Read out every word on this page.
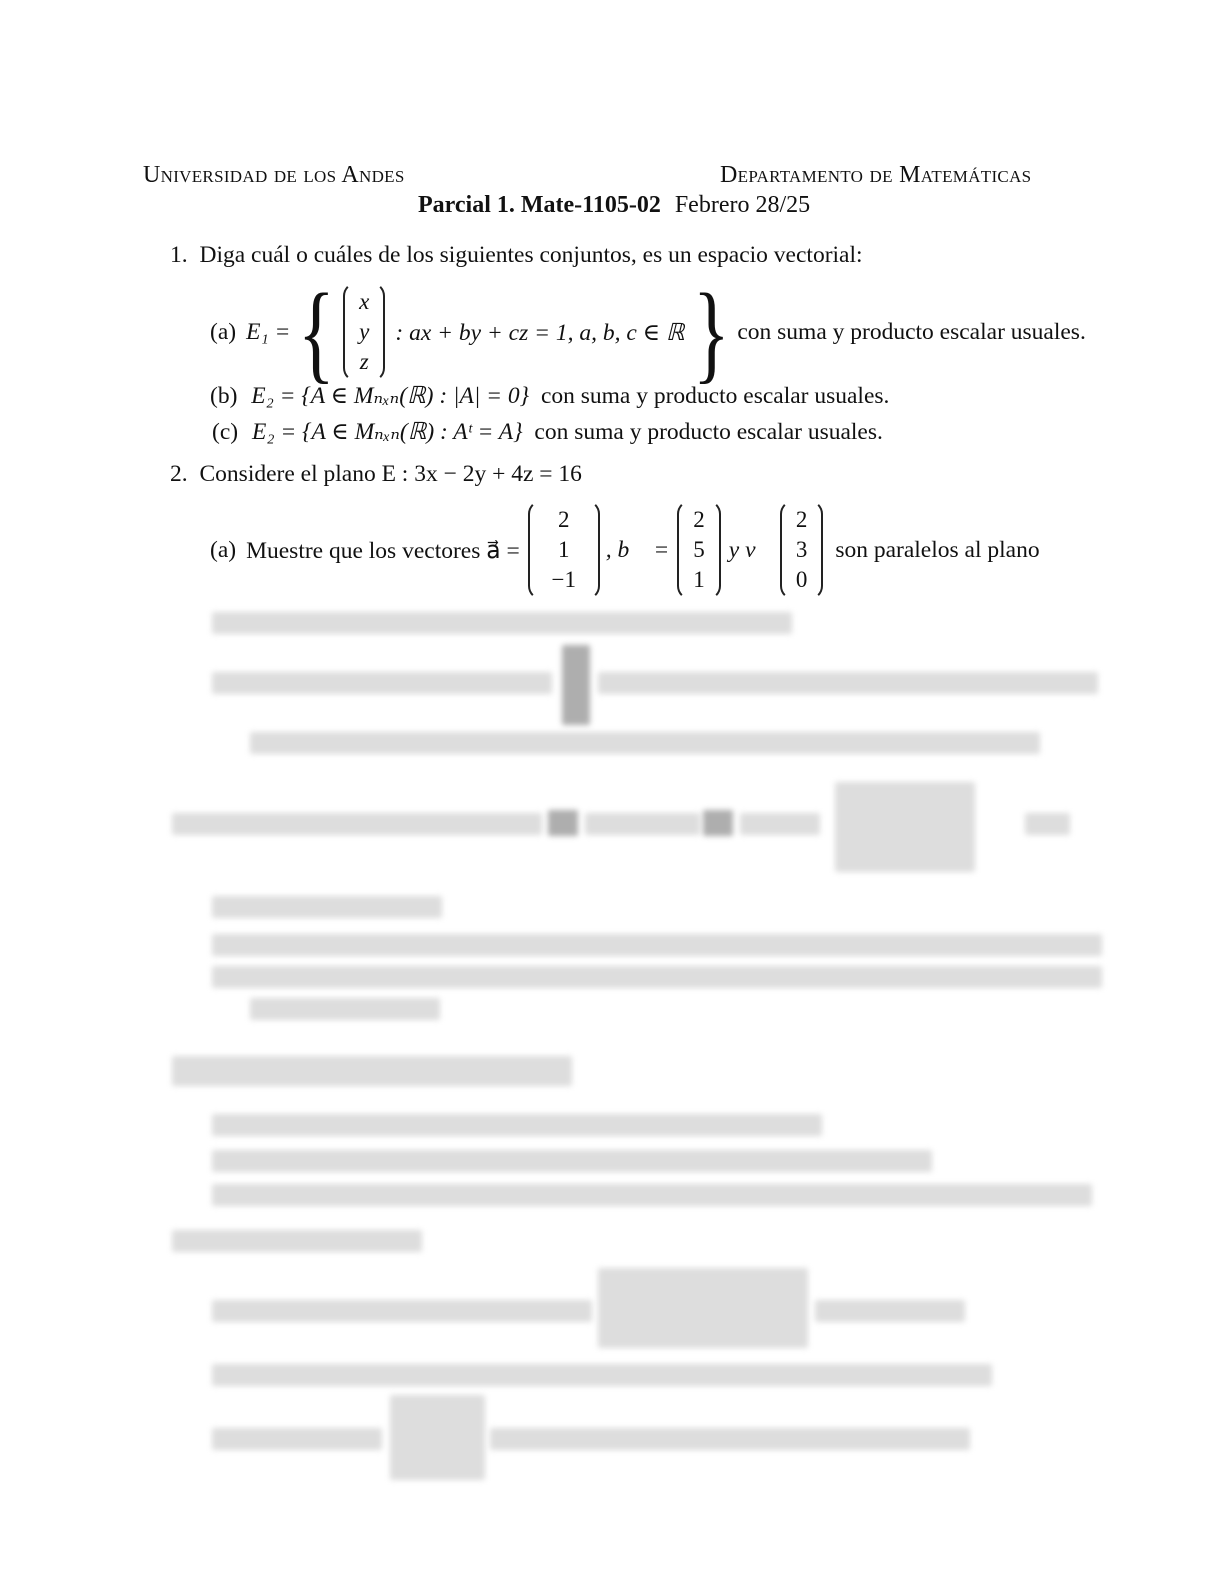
Universidad de los Andes	Departamento de Matemáticas
Parcial 1. Mate-1105-02 Febrero 28/25
1. Diga cuál o cuáles de los siguientes conjuntos, es un espacio vectorial:
(a) E₁ = { x
y
z
: ax + by + cz = 1, a, b, c ∈ ℝ } con suma y producto escalar usuales.
(b) E₂ = {A ∈ Mₙₓₙ(ℝ) : |A| = 0} con suma y producto escalar usuales.
(c) E₂ = {A ∈ Mₙₓₙ(ℝ) : Aᵗ = A} con suma y producto escalar usuales.
2. Considere el plano E : 3x − 2y + 4z = 16
(a) Muestre que los vectores a⃗ =
2
1
−1
, b⃗ =
2
5
1
y v⃗
2
3
0
son paralelos al plano
